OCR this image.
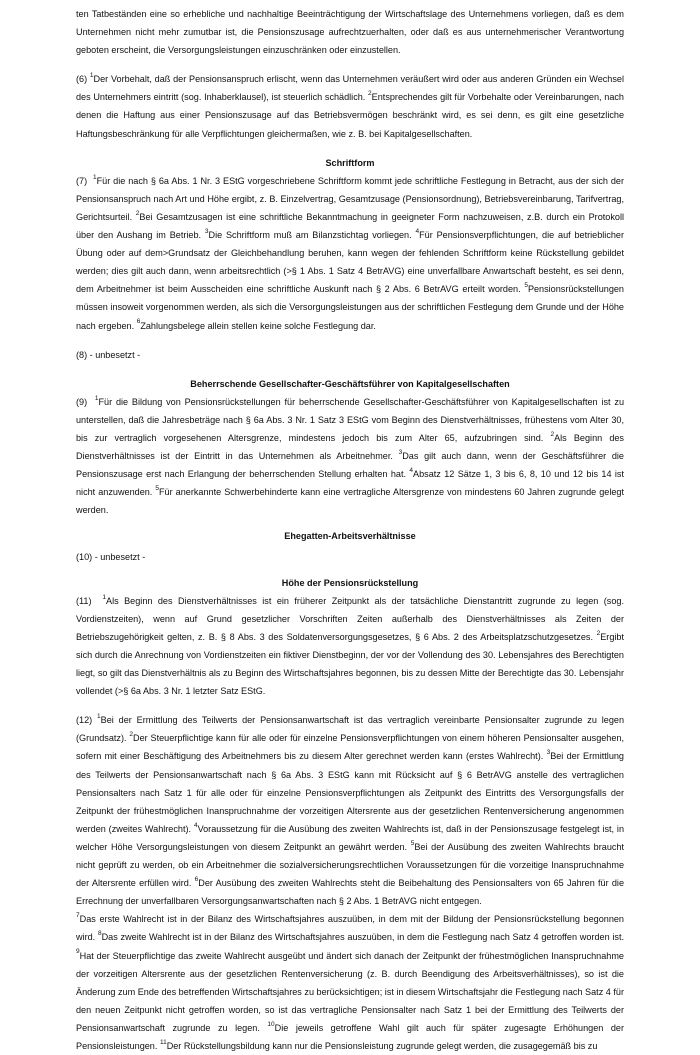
ten Tatbeständen eine so erhebliche und nachhaltige Beeinträchtigung der Wirtschaftslage des Unternehmens vorliegen, daß es dem Unternehmen nicht mehr zumutbar ist, die Pensionszusage aufrechtzuerhalten, oder daß es aus unternehmerischer Verantwortung geboten erscheint, die Versorgungsleistungen einzuschränken oder einzustellen.

(6) $^1$Der Vorbehalt, daß der Pensionsanspruch erlischt, wenn das Unternehmen veräußert wird oder aus anderen Gründen ein Wechsel des Unternehmers eintritt (sog. Inhaberklausel), ist steuerlich schädlich. $^2$Entsprechendes gilt für Vorbehalte oder Vereinbarungen, nach denen die Haftung aus einer Pensionszusage auf das Betriebsvermögen beschränkt wird, es sei denn, es gilt eine gesetzliche Haftungsbeschränkung für alle Verpflichtungen gleichermaßen, wie z. B. bei Kapitalgesellschaften.

Schriftform

(7) $^1$Für die nach § 6a Abs. 1 Nr. 3 EStG vorgeschriebene Schriftform kommt jede schriftliche Festlegung in Betracht, aus der sich der Pensionsanspruch nach Art und Höhe ergibt, z. B. Einzelvertrag, Gesamtzusage (Pensionsordnung), Betriebsvereinbarung, Tarifvertrag, Gerichtsurteil. $^2$Bei Gesamtzusagen ist eine schriftliche Bekanntmachung in geeigneter Form nachzuweisen, z.B. durch ein Protokoll über den Aushang im Betrieb. $^3$Die Schriftform muß am Bilanzstichtag vorliegen. $^4$Für Pensionsverpflichtungen, die auf betrieblicher Übung oder auf dem>Grundsatz der Gleichbehandlung beruhen, kann wegen der fehlenden Schriftform keine Rückstellung gebildet werden; dies gilt auch dann, wenn arbeitsrechtlich (>§ 1 Abs. 1 Satz 4 BetrAVG) eine unverfallbare Anwartschaft besteht, es sei denn, dem Arbeitnehmer ist beim Ausscheiden eine schriftliche Auskunft nach § 2 Abs. 6 BetrAVG erteilt worden. $^5$Pensionsrückstellungen müssen insoweit vorgenommen werden, als sich die Versorgungsleistungen aus der schriftlichen Festlegung dem Grunde und der Höhe nach ergeben. $^6$Zahlungsbelege allein stellen keine solche Festlegung dar.

(8) - unbesetzt -

Beherrschende Gesellschafter-Geschäftsführer von Kapitalgesellschaften

(9) $^1$Für die Bildung von Pensionsrückstellungen für beherrschende Gesellschafter-Geschäftsführer von Kapitalgesellschaften ist zu unterstellen, daß die Jahresbeträge nach § 6a Abs. 3 Nr. 1 Satz 3 EStG vom Beginn des Dienstverhältnisses, frühestens vom Alter 30, bis zur vertraglich vorgesehenen Altersgrenze, mindestens jedoch bis zum Alter 65, aufzubringen sind. $^2$Als Beginn des Dienstverhältnisses ist der Eintritt in das Unternehmen als Arbeitnehmer. $^3$Das gilt auch dann, wenn der Geschäftsführer die Pensionszusage erst nach Erlangung der beherrschenden Stellung erhalten hat. $^4$Absatz 12 Sätze 1, 3 bis 6, 8, 10 und 12 bis 14 ist nicht anzuwenden. $^5$Für anerkannte Schwerbehinderte kann eine vertragliche Altersgrenze von mindestens 60 Jahren zugrunde gelegt werden.

Ehegatten-Arbeitsverhältnisse

(10) - unbesetzt -

Höhe der Pensionsrückstellung

(11) $^1$Als Beginn des Dienstverhältnisses ist ein früherer Zeitpunkt als der tatsächliche Dienstantritt zugrunde zu legen (sog. Vordienstzeiten), wenn auf Grund gesetzlicher Vorschriften Zeiten außerhalb des Dienstverhältnisses als Zeiten der Betriebszugehörigkeit gelten, z. B. § 8 Abs. 3 des Soldatenversorgungsgesetzes, § 6 Abs. 2 des Arbeitsplatzschutzgesetzes. $^2$Ergibt sich durch die Anrechnung von Vordienstzeiten ein fiktiver Dienstbeginn, der vor der Vollendung des 30. Lebensjahres des Berechtigten liegt, so gilt das Dienstverhältnis als zu Beginn des Wirtschaftsjahres begonnen, bis zu dessen Mitte der Berechtigte das 30. Lebensjahr vollendet (>§ 6a Abs. 3 Nr. 1 letzter Satz EStG.

(12) $^1$Bei der Ermittlung des Teilwerts der Pensionsanwartschaft ist das vertraglich vereinbarte Pensionsalter zugrunde zu legen (Grundsatz). $^2$Der Steuerpflichtige kann für alle oder für einzelne Pensionsverpflichtungen von einem höheren Pensionsalter ausgehen, sofern mit einer Beschäftigung des Arbeitnehmers bis zu diesem Alter gerechnet werden kann (erstes Wahlrecht). $^3$Bei der Ermittlung des Teilwerts der Pensionsanwartschaft nach § 6a Abs. 3 EStG kann mit Rücksicht auf § 6 BetrAVG anstelle des vertraglichen Pensionsalters nach Satz 1 für alle oder für einzelne Pensionsverpflichtungen als Zeitpunkt des Eintritts des Versorgungsfalls der Zeitpunkt der frühestmöglichen Inanspruchnahme der vorzeitigen Altersrente aus der gesetzlichen Rentenversicherung angenommen werden (zweites Wahlrecht). $^4$Voraussetzung für die Ausübung des zweiten Wahlrechts ist, daß in der Pensionszusage festgelegt ist, in welcher Höhe Versorgungsleistungen von diesem Zeitpunkt an gewährt werden. $^5$Bei der Ausübung des zweiten Wahlrechts braucht nicht geprüft zu werden, ob ein Arbeitnehmer die sozialversicherungsrechtlichen Voraussetzungen für die vorzeitige Inanspruchnahme der Altersrente erfüllen wird. $^6$Der Ausübung des zweiten Wahlrechts steht die Beibehaltung des Pensionsalters von 65 Jahren für die Errechnung der unverfallbaren Versorgungsanwartschaften nach § 2 Abs. 1 BetrAVG nicht entgegen.
$^7$Das erste Wahlrecht ist in der Bilanz des Wirtschaftsjahres auszuüben, in dem mit der Bildung der Pensionsrückstellung begonnen wird. $^8$Das zweite Wahlrecht ist in der Bilanz des Wirtschaftsjahres auszuüben, in dem die Festlegung nach Satz 4 getroffen worden ist. $^9$Hat der Steuerpflichtige das zweite Wahlrecht ausgeübt und ändert sich danach der Zeitpunkt der frühestmöglichen Inanspruchnahme der vorzeitigen Altersrente aus der gesetzlichen Rentenversicherung (z. B. durch Beendigung des Arbeitsverhältnisses), so ist die Änderung zum Ende des betreffenden Wirtschaftsjahres zu berücksichtigen; ist in diesem Wirtschaftsjahr die Festlegung nach Satz 4 für den neuen Zeitpunkt nicht getroffen worden, so ist das vertragliche Pensionsalter nach Satz 1 bei der Ermittlung des Teilwerts der Pensionsanwartschaft zugrunde zu legen. $^{10}$Die jeweils getroffene Wahl gilt auch für später zugesagte Erhöhungen der Pensionsleistungen. $^{11}$Der Rückstellungsbildung kann nur die Pensionsleistung zugrunde gelegt werden, die zusagegemäß bis zu
